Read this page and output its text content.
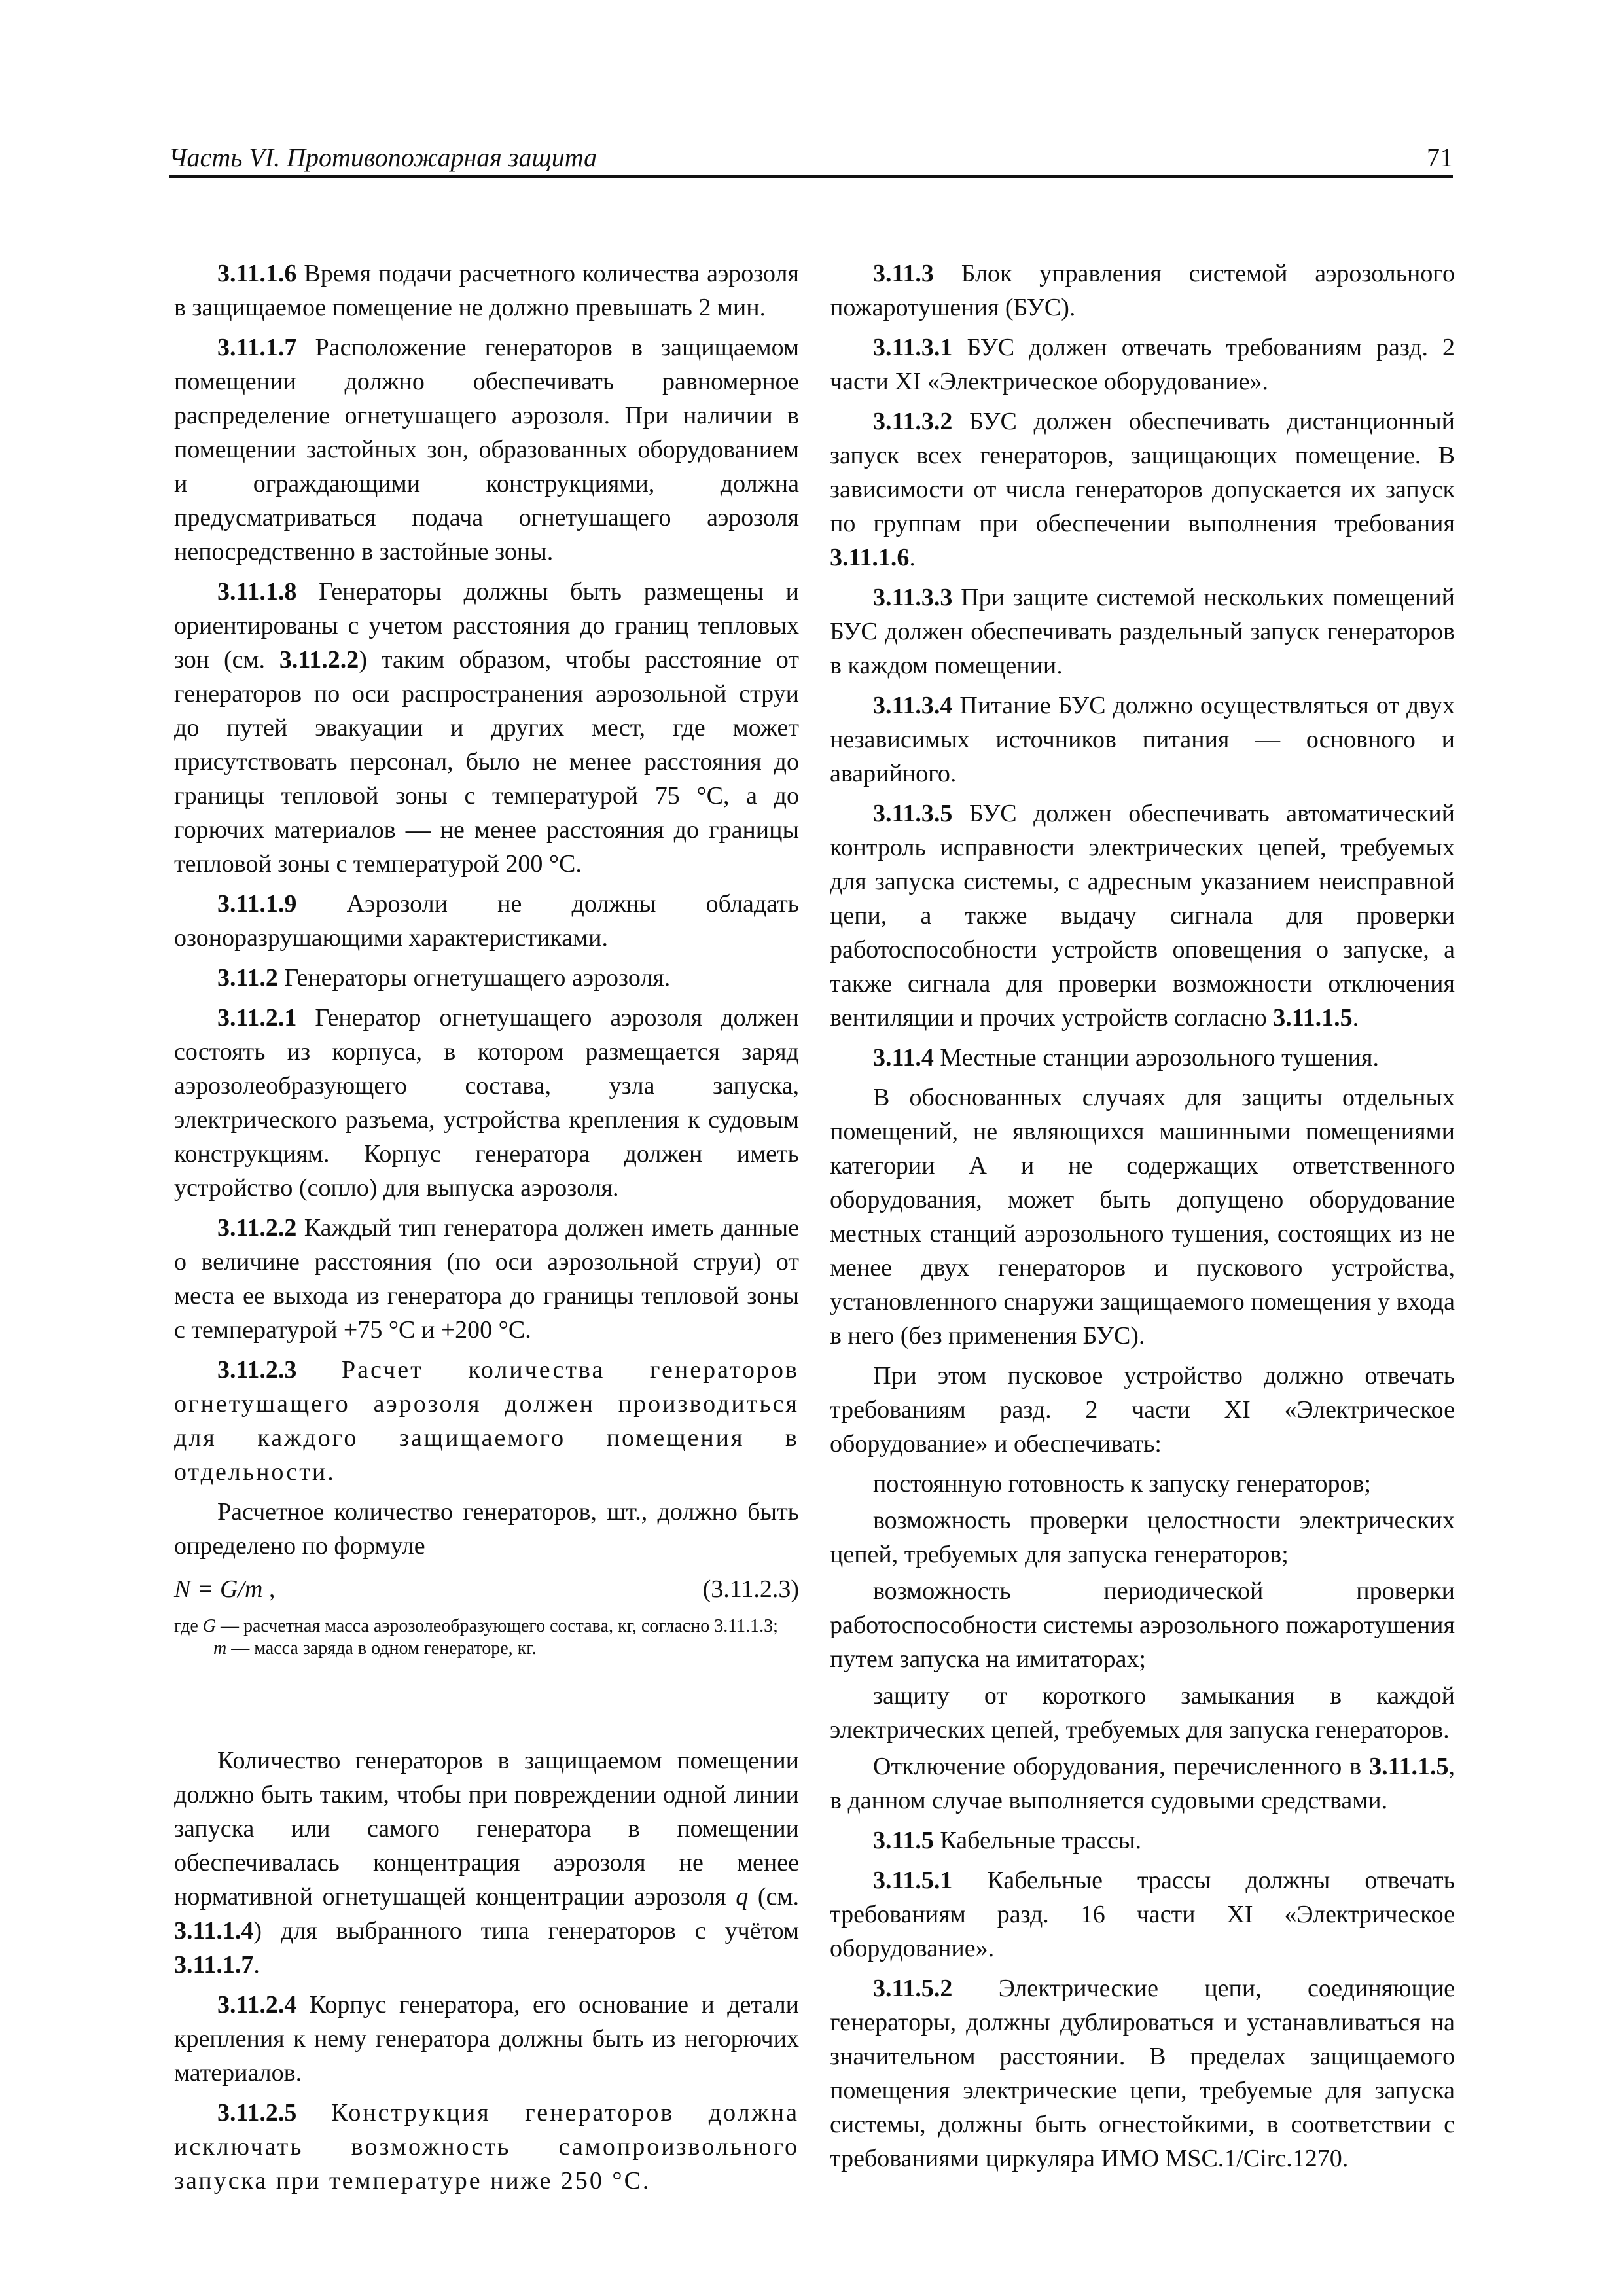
Часть VI. Противопожарная защита	71

3.11.1.6 Время подачи расчетного количества аэрозоля в защищаемое помещение не должно превышать 2 мин.

3.11.1.7 Расположение генераторов в защищаемом помещении должно обеспечивать равномерное распределение огнетушащего аэрозоля. При наличии в помещении застойных зон, образованных оборудованием и ограждающими конструкциями, должна предусматриваться подача огнетушащего аэрозоля непосредственно в застойные зоны.

3.11.1.8 Генераторы должны быть размещены и ориентированы с учетом расстояния до границ тепловых зон (см. 3.11.2.2) таким образом, чтобы расстояние от генераторов по оси распространения аэрозольной струи до путей эвакуации и других мест, где может присутствовать персонал, было не менее расстояния до границы тепловой зоны с температурой 75 °С, а до горючих материалов — не менее расстояния до границы тепловой зоны с температурой 200 °С.

3.11.1.9 Аэрозоли не должны обладать озоноразрушающими характеристиками.

3.11.2 Генераторы огнетушащего аэрозоля.

3.11.2.1 Генератор огнетушащего аэрозоля должен состоять из корпуса, в котором размещается заряд аэрозолеобразующего состава, узла запуска, электрического разъема, устройства крепления к судовым конструкциям. Корпус генератора должен иметь устройство (сопло) для выпуска аэрозоля.

3.11.2.2 Каждый тип генератора должен иметь данные о величине расстояния (по оси аэрозольной струи) от места ее выхода из генератора до границы тепловой зоны с температурой +75 °С и +200 °С.

3.11.2.3 Расчет количества генераторов огнетушащего аэрозоля должен производиться для каждого защищаемого помещения в отдельности.

Расчетное количество генераторов, шт., должно быть определено по формуле

N = G/m ,	(3.11.2.3)
где G — расчетная масса аэрозолеобразующего состава, кг, согласно 3.11.1.3;
m — масса заряда в одном генераторе, кг.

Количество генераторов в защищаемом помещении должно быть таким, чтобы при повреждении одной линии запуска или самого генератора в помещении обеспечивалась концентрация аэрозоля не менее нормативной огнетушащей концентрации аэрозоля q (см. 3.11.1.4) для выбранного типа генераторов с учётом 3.11.1.7.

3.11.2.4 Корпус генератора, его основание и детали крепления к нему генератора должны быть из негорючих материалов.

3.11.2.5 Конструкция генераторов должна исключать возможность самопроизвольного запуска при температуре ниже 250 °С.

3.11.3 Блок управления системой аэрозольного пожаротушения (БУС).

3.11.3.1 БУС должен отвечать требованиям разд. 2 части XI «Электрическое оборудование».

3.11.3.2 БУС должен обеспечивать дистанционный запуск всех генераторов, защищающих помещение. В зависимости от числа генераторов допускается их запуск по группам при обеспечении выполнения требования 3.11.1.6.

3.11.3.3 При защите системой нескольких помещений БУС должен обеспечивать раздельный запуск генераторов в каждом помещении.

3.11.3.4 Питание БУС должно осуществляться от двух независимых источников питания — основного и аварийного.

3.11.3.5 БУС должен обеспечивать автоматический контроль исправности электрических цепей, требуемых для запуска системы, с адресным указанием неисправной цепи, а также выдачу сигнала для проверки работоспособности устройств оповещения о запуске, а также сигнала для проверки возможности отключения вентиляции и прочих устройств согласно 3.11.1.5.

3.11.4 Местные станции аэрозольного тушения.

В обоснованных случаях для защиты отдельных помещений, не являющихся машинными помещениями категории А и не содержащих ответственного оборудования, может быть допущено оборудование местных станций аэрозольного тушения, состоящих из не менее двух генераторов и пускового устройства, установленного снаружи защищаемого помещения у входа в него (без применения БУС).

При этом пусковое устройство должно отвечать требованиям разд. 2 части XI «Электрическое оборудование» и обеспечивать:

постоянную готовность к запуску генераторов;

возможность проверки целостности электрических цепей, требуемых для запуска генераторов;

возможность периодической проверки работоспособности системы аэрозольного пожаротушения путем запуска на имитаторах;

защиту от короткого замыкания в каждой электрических цепей, требуемых для запуска генераторов.

Отключение оборудования, перечисленного в 3.11.1.5, в данном случае выполняется судовыми средствами.

3.11.5 Кабельные трассы.

3.11.5.1 Кабельные трассы должны отвечать требованиям разд. 16 части XI «Электрическое оборудование».

3.11.5.2 Электрические цепи, соединяющие генераторы, должны дублироваться и устанавливаться на значительном расстоянии. В пределах защищаемого помещения электрические цепи, требуемые для запуска системы, должны быть огнестойкими, в соответствии с требованиями циркуляра ИМО MSC.1/Circ.1270.
